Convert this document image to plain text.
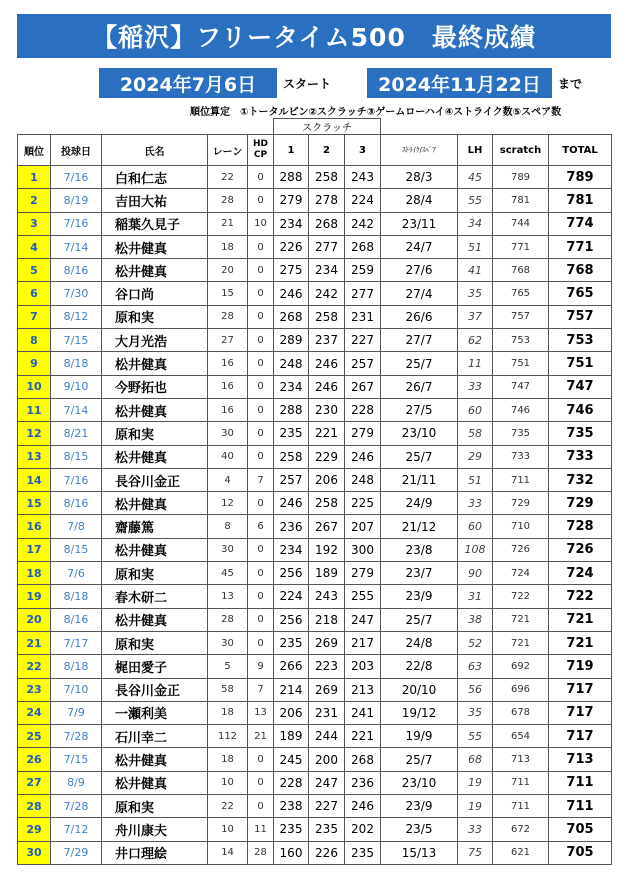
【稲沢】フリータイム500　最終成績
2024年7月6日	スタート	2024年11月22日	まで
順位算定 ①トータルピン②スクラッチ③ゲームローハイ④ストライク数⑤スペア数
					スクラッチ						
順位	投球日	氏名	レーン	HD
CP	1	2	3	ｽﾄﾗｲｸ/ｽﾍﾟｱ	LH	scratch	TOTAL
1	7/16	白和仁志	22	0	288	258	243	28/3	45	789	789
2	8/19	吉田大祐	28	0	279	278	224	28/4	55	781	781
3	7/16	稲葉久見子	21	10	234	268	242	23/11	34	744	774
4	7/14	松井健真	18	0	226	277	268	24/7	51	771	771
5	8/16	松井健真	20	0	275	234	259	27/6	41	768	768
6	7/30	谷口尚	15	0	246	242	277	27/4	35	765	765
7	8/12	原和実	28	0	268	258	231	26/6	37	757	757
8	7/15	大月光浩	27	0	289	237	227	27/7	62	753	753
9	8/18	松井健真	16	0	248	246	257	25/7	11	751	751
10	9/10	今野拓也	16	0	234	246	267	26/7	33	747	747
11	7/14	松井健真	16	0	288	230	228	27/5	60	746	746
12	8/21	原和実	30	0	235	221	279	23/10	58	735	735
13	8/15	松井健真	40	0	258	229	246	25/7	29	733	733
14	7/16	長谷川金正	4	7	257	206	248	21/11	51	711	732
15	8/16	松井健真	12	0	246	258	225	24/9	33	729	729
16	7/8	齋藤篤	8	6	236	267	207	21/12	60	710	728
17	8/15	松井健真	30	0	234	192	300	23/8	108	726	726
18	7/6	原和実	45	0	256	189	279	23/7	90	724	724
19	8/18	春木研二	13	0	224	243	255	23/9	31	722	722
20	8/16	松井健真	28	0	256	218	247	25/7	38	721	721
21	7/17	原和実	30	0	235	269	217	24/8	52	721	721
22	8/18	梶田愛子	5	9	266	223	203	22/8	63	692	719
23	7/10	長谷川金正	58	7	214	269	213	20/10	56	696	717
24	7/9	一瀬利美	18	13	206	231	241	19/12	35	678	717
25	7/28	石川幸二	112	21	189	244	221	19/9	55	654	717
26	7/15	松井健真	18	0	245	200	268	25/7	68	713	713
27	8/9	松井健真	10	0	228	247	236	23/10	19	711	711
28	7/28	原和実	22	0	238	227	246	23/9	19	711	711
29	7/12	舟川康夫	10	11	235	235	202	23/5	33	672	705
30	7/29	井口理絵	14	28	160	226	235	15/13	75	621	705
